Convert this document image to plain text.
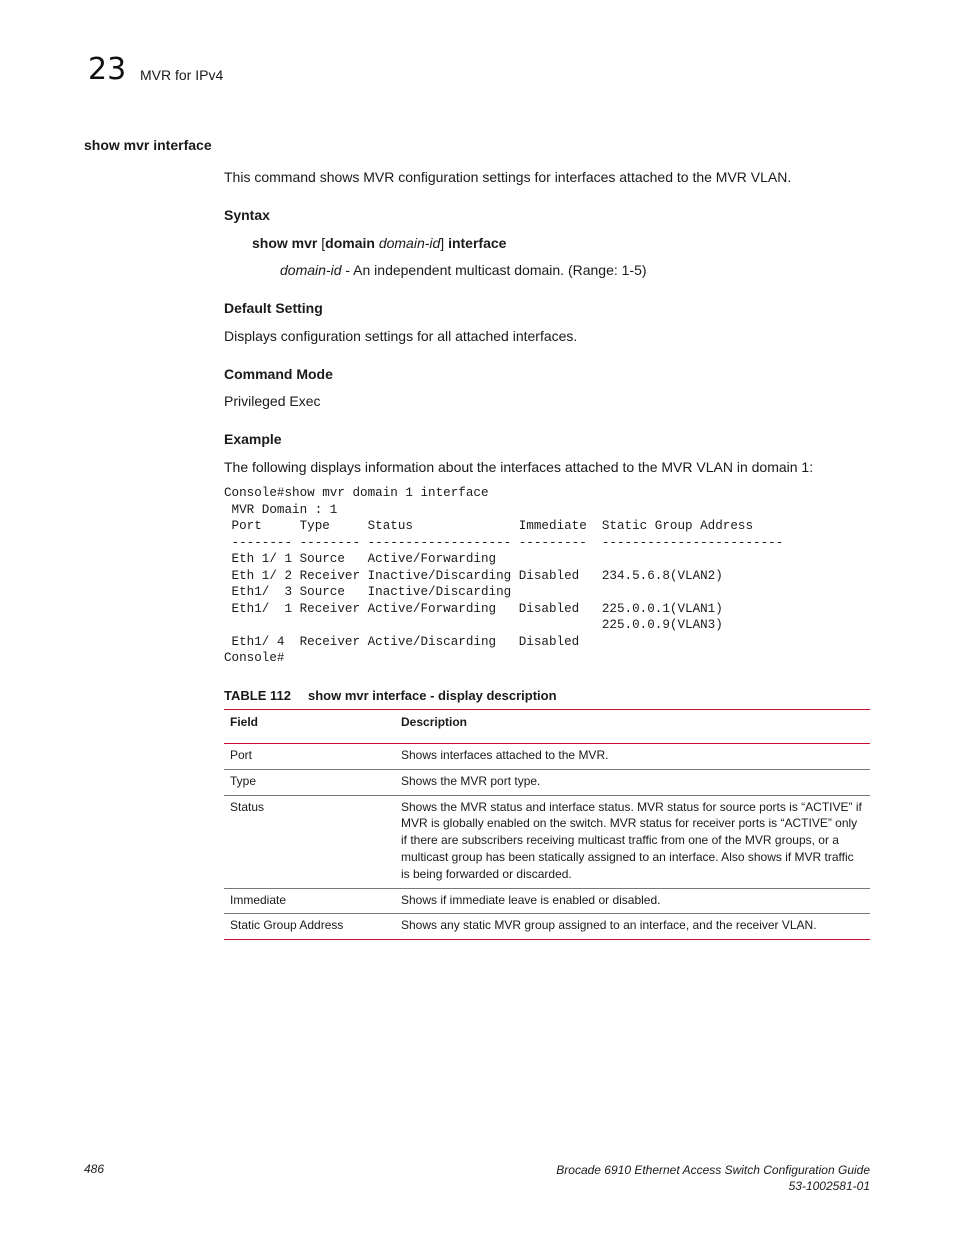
23 MVR for IPv4
show mvr interface
This command shows MVR configuration settings for interfaces attached to the MVR VLAN.
Syntax
show mvr [domain domain-id] interface
domain-id - An independent multicast domain. (Range: 1-5)
Default Setting
Displays configuration settings for all attached interfaces.
Command Mode
Privileged Exec
Example
The following displays information about the interfaces attached to the MVR VLAN in domain 1:
Console#show mvr domain 1 interface
MVR Domain : 1
Port     Type     Status              Immediate  Static Group Address
-------- -------- ------------------- ---------  ------------------------
Eth 1/ 1 Source   Active/Forwarding
Eth 1/ 2 Receiver Inactive/Discarding Disabled   234.5.6.8(VLAN2)
Eth1/  3 Source   Inactive/Discarding
Eth1/  1 Receiver Active/Forwarding   Disabled   225.0.0.1(VLAN1)
225.0.0.9(VLAN3)
Eth1/ 4  Receiver Active/Discarding   Disabled
Console#
TABLE 112 show mvr interface - display description
Field	Description
Port	Shows interfaces attached to the MVR.
Type	Shows the MVR port type.
Status	Shows the MVR status and interface status. MVR status for source ports is “ACTIVE” if MVR is globally enabled on the switch. MVR status for receiver ports is “ACTIVE” only if there are subscribers receiving multicast traffic from one of the MVR groups, or a multicast group has been statically assigned to an interface. Also shows if MVR traffic is being forwarded or discarded.
Immediate	Shows if immediate leave is enabled or disabled.
Static Group Address	Shows any static MVR group assigned to an interface, and the receiver VLAN.
486	Brocade 6910 Ethernet Access Switch Configuration Guide
53-1002581-01
